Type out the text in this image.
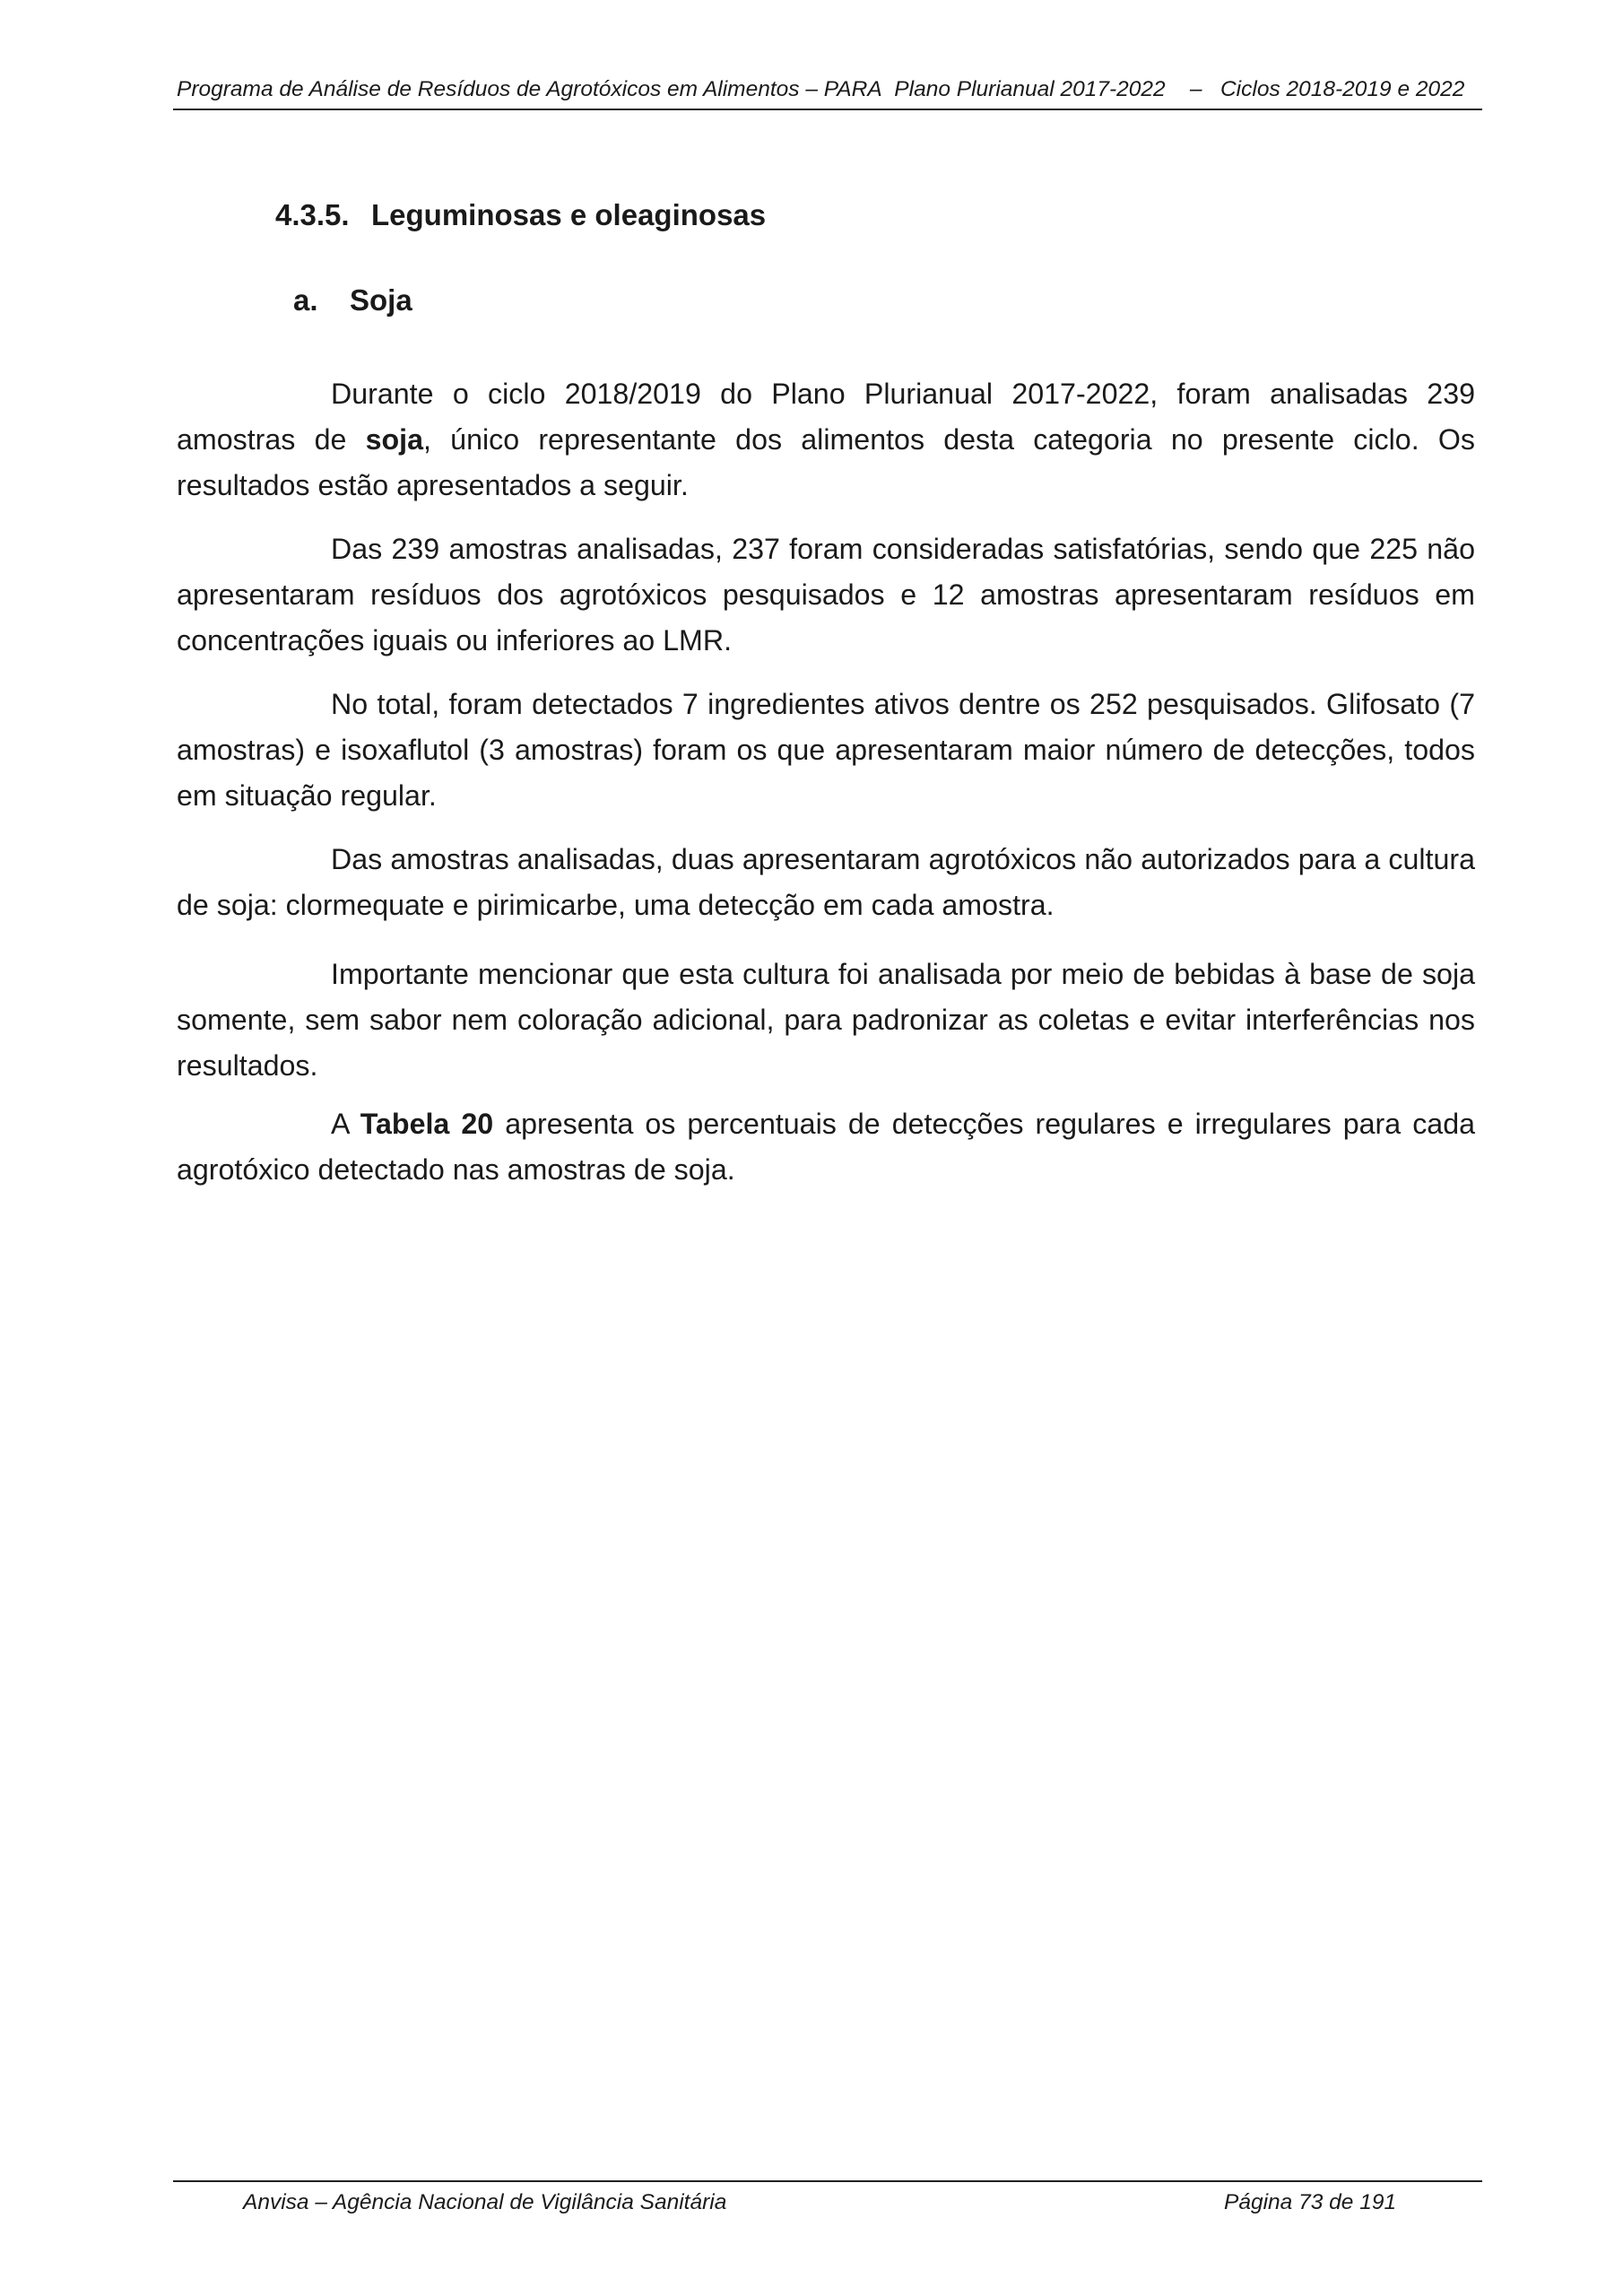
Programa de Análise de Resíduos de Agrotóxicos em Alimentos – PARA
Plano Plurianual 2017-2022
–
Ciclos 2018-2019 e 2022
4.3.5. Leguminosas e oleaginosas
a. Soja

Durante o ciclo 2018/2019 do Plano Plurianual 2017-2022, foram analisadas 239 amostras de soja, único representante dos alimentos desta categoria no presente ciclo. Os resultados estão apresentados a seguir.

Das 239 amostras analisadas, 237 foram consideradas satisfatórias, sendo que 225 não apresentaram resíduos dos agrotóxicos pesquisados e 12 amostras apresentaram resíduos em concentrações iguais ou inferiores ao LMR.

No total, foram detectados 7 ingredientes ativos dentre os 252 pesquisados. Glifosato (7 amostras) e isoxaflutol (3 amostras) foram os que apresentaram maior número de detecções, todos em situação regular.

Das amostras analisadas, duas apresentaram agrotóxicos não autorizados para a cultura de soja: clormequate e pirimicarbe, uma detecção em cada amostra.

Importante mencionar que esta cultura foi analisada por meio de bebidas à base de soja somente, sem sabor nem coloração adicional, para padronizar as coletas e evitar interferências nos resultados.

A Tabela 20 apresenta os percentuais de detecções regulares e irregulares para cada agrotóxico detectado nas amostras de soja.

Anvisa – Agência Nacional de Vigilância Sanitária	Página 73 de 191
